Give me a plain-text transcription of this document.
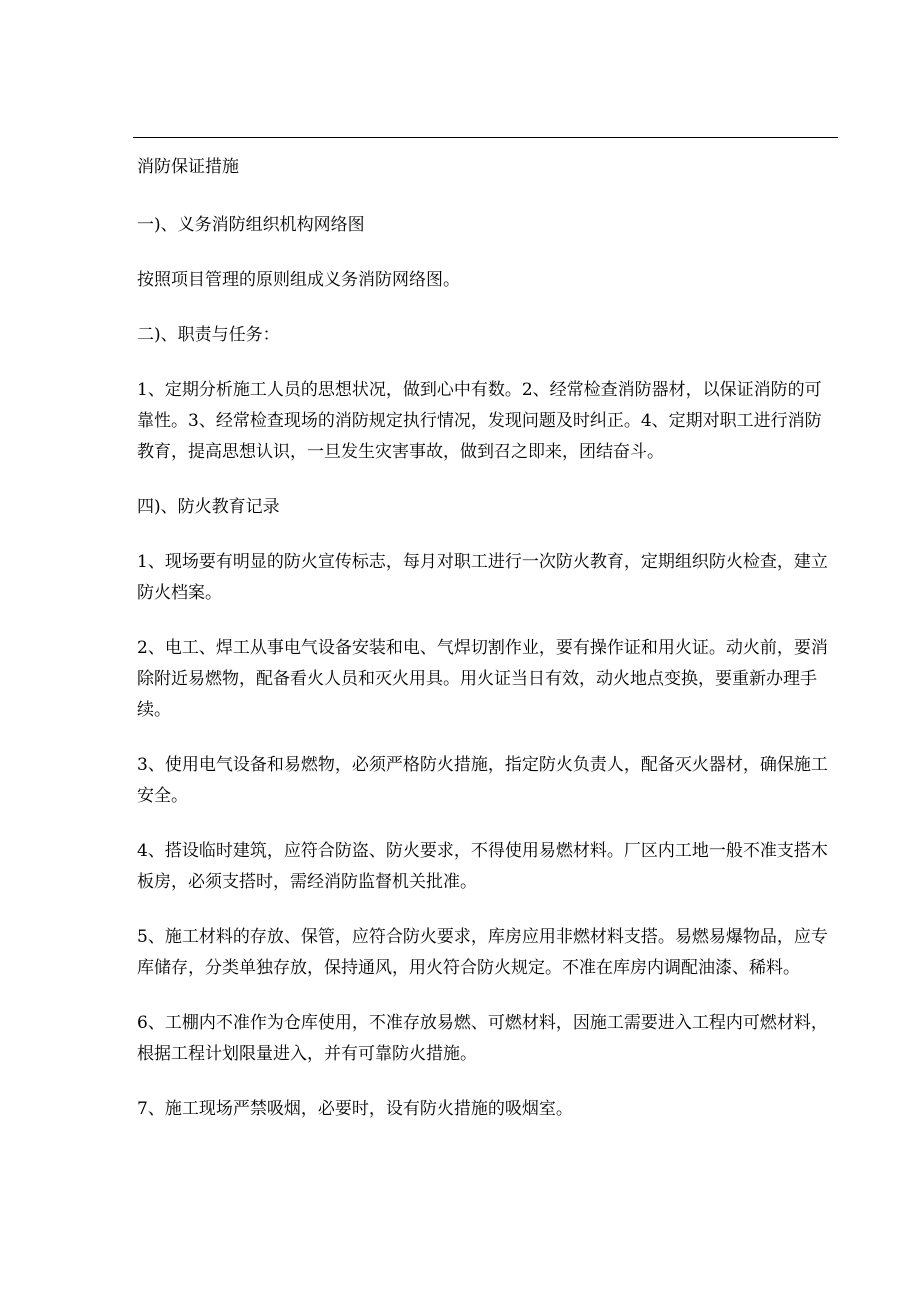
消防保证措施

一)、义务消防组织机构网络图

按照项目管理的原则组成义务消防网络图。

二)、职责与任务：

1、定期分析施工人员的思想状况，做到心中有数。2、经常检查消防器材，以保证消防的可靠性。3、经常检查现场的消防规定执行情况，发现问题及时纠正。4、定期对职工进行消防教育，提高思想认识，一旦发生灾害事故，做到召之即来，团结奋斗。

四)、防火教育记录

1、现场要有明显的防火宣传标志，每月对职工进行一次防火教育，定期组织防火检查，建立防火档案。

2、电工、焊工从事电气设备安装和电、气焊切割作业，要有操作证和用火证。动火前，要消除附近易燃物，配备看火人员和灭火用具。用火证当日有效，动火地点变换，要重新办理手续。

3、使用电气设备和易燃物，必须严格防火措施，指定防火负责人，配备灭火器材，确保施工安全。

4、搭设临时建筑，应符合防盗、防火要求，不得使用易燃材料。厂区内工地一般不准支搭木板房，必须支搭时，需经消防监督机关批准。

5、施工材料的存放、保管，应符合防火要求，库房应用非燃材料支搭。易燃易爆物品，应专库储存，分类单独存放，保持通风，用火符合防火规定。不准在库房内调配油漆、稀料。

6、工棚内不准作为仓库使用，不准存放易燃、可燃材料，因施工需要进入工程内可燃材料，根据工程计划限量进入，并有可靠防火措施。

7、施工现场严禁吸烟，必要时，设有防火措施的吸烟室。
